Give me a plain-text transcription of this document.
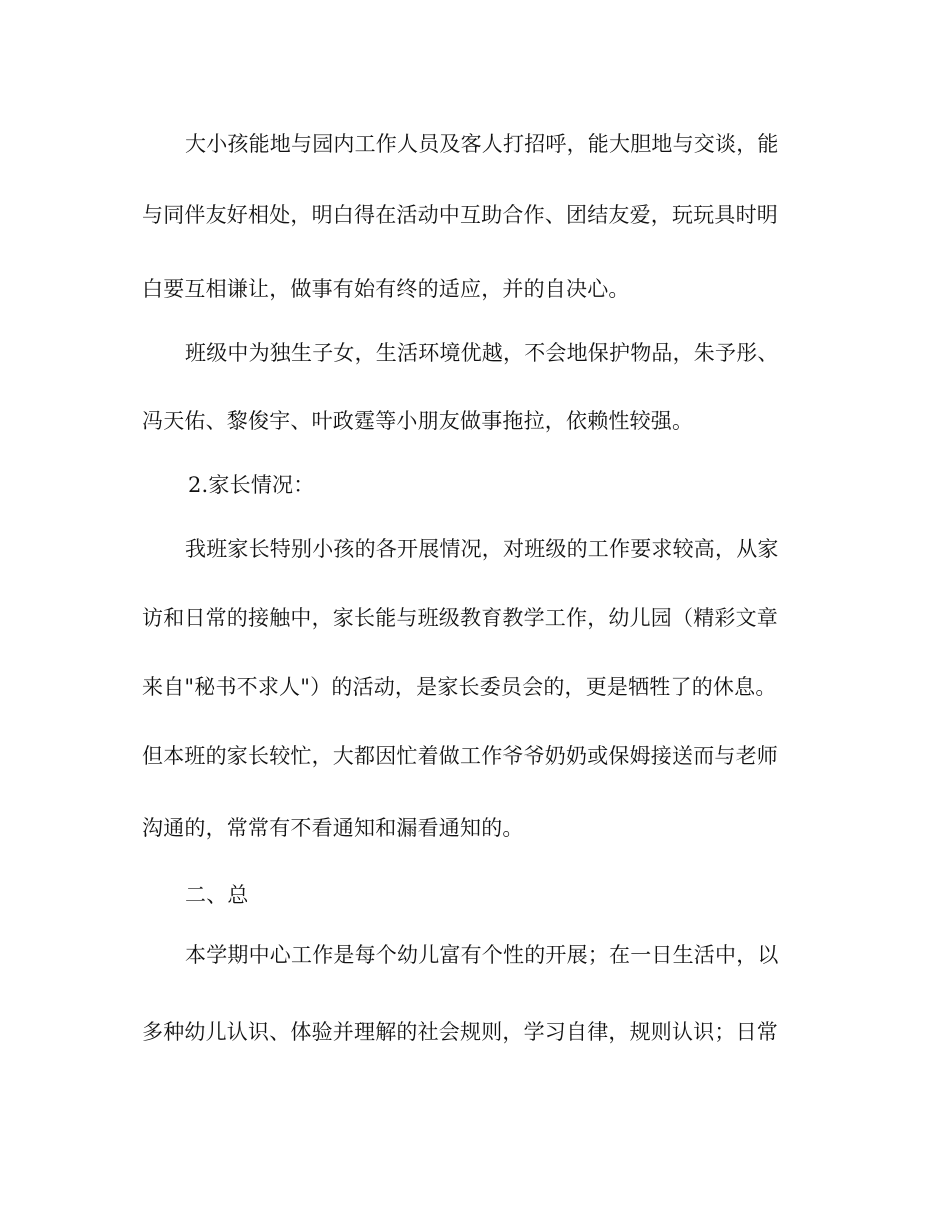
大小孩能地与园内工作人员及客人打招呼，能大胆地与交谈，能
与同伴友好相处，明白得在活动中互助合作、团结友爱，玩玩具时明
白要互相谦让，做事有始有终的适应，并的自决心。
班级中为独生子女，生活环境优越，不会地保护物品，朱予彤、
冯天佑、黎俊宇、叶政霆等小朋友做事拖拉，依赖性较强。
2.家长情况：
我班家长特别小孩的各开展情况，对班级的工作要求较高，从家
访和日常的接触中，家长能与班级教育教学工作，幼儿园（精彩文章
来自"秘书不求人"）的活动，是家长委员会的，更是牺牲了的休息。
但本班的家长较忙，大都因忙着做工作爷爷奶奶或保姆接送而与老师
沟通的，常常有不看通知和漏看通知的。
二、总
本学期中心工作是每个幼儿富有个性的开展；在一日生活中，以
多种幼儿认识、体验并理解的社会规则，学习自律，规则认识；日常
